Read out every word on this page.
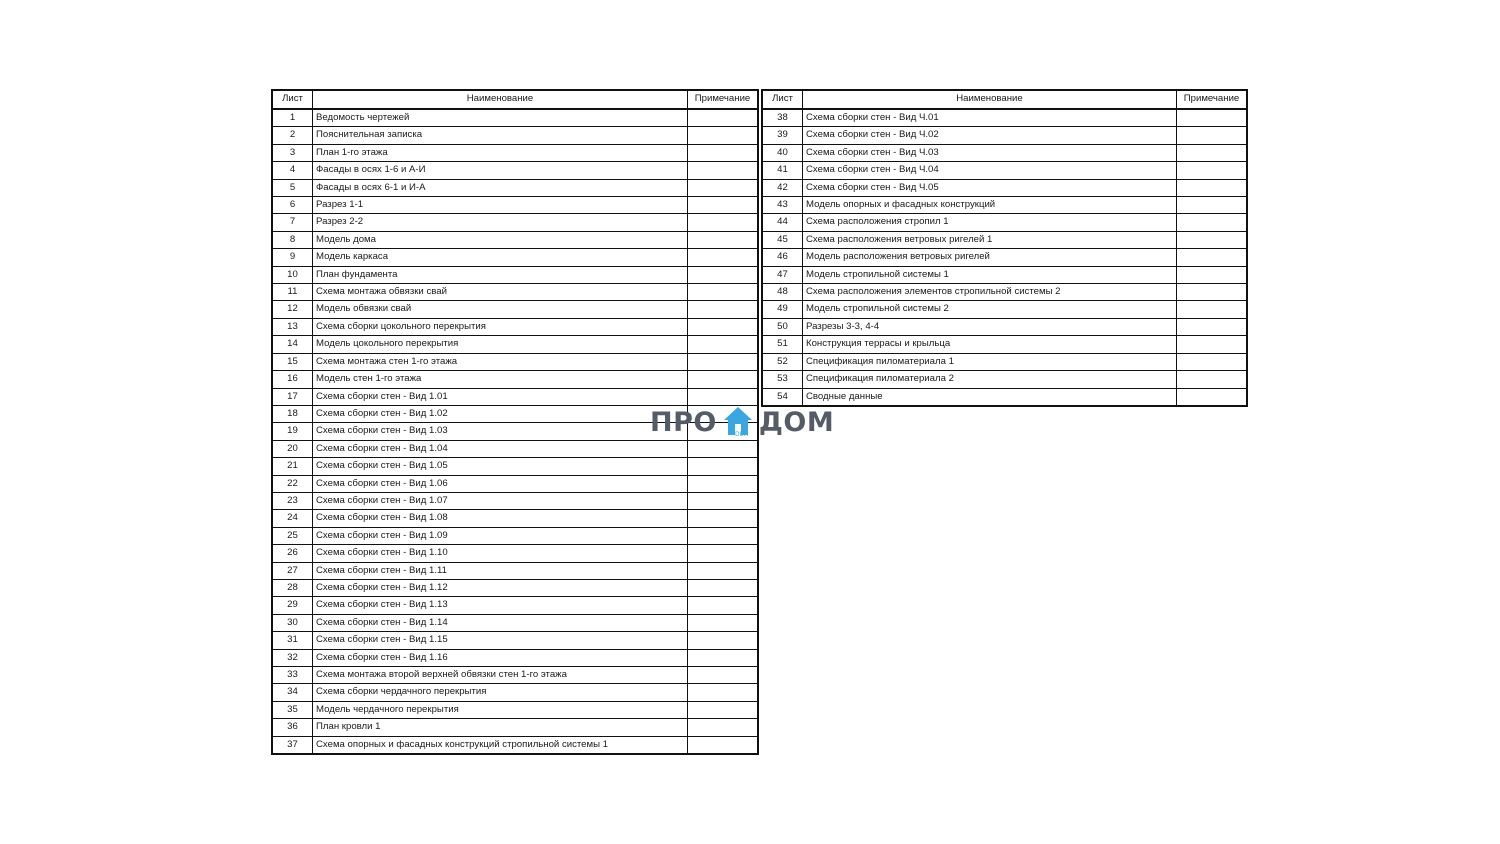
Лист	Наименование	Примечание
1	Ведомость чертежей	
2	Пояснительная записка	
3	План 1-го этажа	
4	Фасады в осях 1-6 и А-И	
5	Фасады в осях 6-1 и И-А	
6	Разрез 1-1	
7	Разрез 2-2	
8	Модель дома	
9	Модель каркаса	
10	План фундамента	
11	Схема монтажа обвязки свай	
12	Модель обвязки свай	
13	Схема сборки цокольного перекрытия	
14	Модель цокольного перекрытия	
15	Схема монтажа стен 1-го этажа	
16	Модель стен 1-го этажа	
17	Схема сборки стен - Вид 1.01	
18	Схема сборки стен - Вид 1.02	
19	Схема сборки стен - Вид 1.03	
20	Схема сборки стен - Вид 1.04	
21	Схема сборки стен - Вид 1.05	
22	Схема сборки стен - Вид 1.06	
23	Схема сборки стен - Вид 1.07	
24	Схема сборки стен - Вид 1.08	
25	Схема сборки стен - Вид 1.09	
26	Схема сборки стен - Вид 1.10	
27	Схема сборки стен - Вид 1.11	
28	Схема сборки стен - Вид 1.12	
29	Схема сборки стен - Вид 1.13	
30	Схема сборки стен - Вид 1.14	
31	Схема сборки стен - Вид 1.15	
32	Схема сборки стен - Вид 1.16	
33	Схема монтажа второй верхней обвязки стен 1-го этажа	
34	Схема сборки чердачного перекрытия	
35	Модель чердачного перекрытия	
36	План кровли 1	
37	Схема опорных и фасадных конструкций стропильной системы 1	
Лист	Наименование	Примечание
38	Схема сборки стен - Вид Ч.01	
39	Схема сборки стен - Вид Ч.02	
40	Схема сборки стен - Вид Ч.03	
41	Схема сборки стен - Вид Ч.04	
42	Схема сборки стен - Вид Ч.05	
43	Модель опорных и фасадных конструкций	
44	Схема расположения стропил 1	
45	Схема расположения ветровых ригелей 1	
46	Модель расположения ветровых ригелей	
47	Модель стропильной системы 1	
48	Схема расположения элементов стропильной системы 2	
49	Модель стропильной системы 2	
50	Разрезы 3-3, 4-4	
51	Конструкция террасы и крыльца	
52	Спецификация пиломатериала 1	
53	Спецификация пиломатериала 2	
54	Сводные данные	
ПРО ДОМ
DEM
